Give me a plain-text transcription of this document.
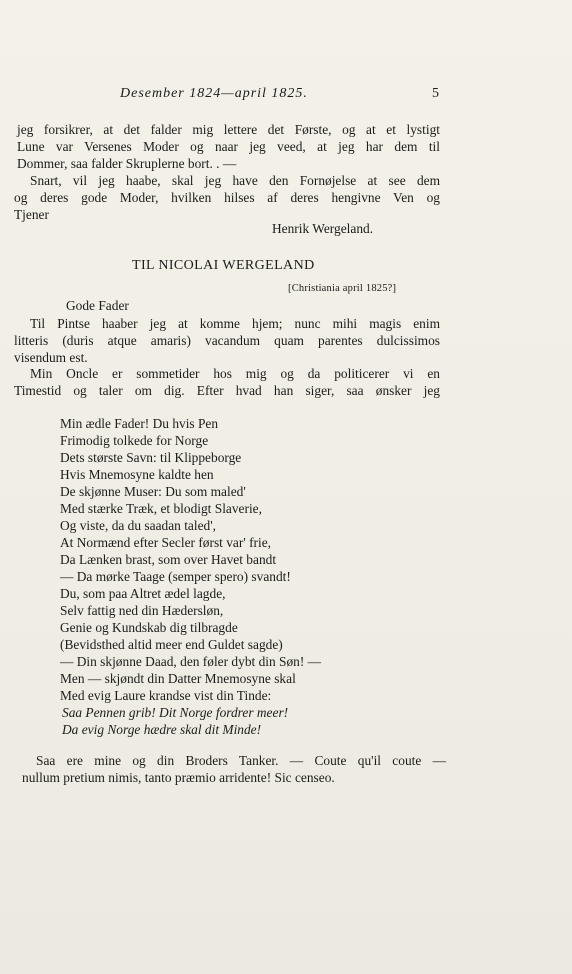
Desember 1824—april 1825.	5
jeg forsikrer, at det falder mig lettere det Første, og at et lystigt
Lune var Versenes Moder og naar jeg veed, at jeg har dem til
Dommer, saa falder Skruplerne bort. . —
Snart, vil jeg haabe, skal jeg have den Fornøjelse at see dem
og deres gode Moder, hvilken hilses af deres hengivne Ven og
Tjener
Henrik Wergeland.
TIL NICOLAI WERGELAND
[Christiania april 1825?]
Gode Fader
Til Pintse haaber jeg at komme hjem; nunc mihi magis enim
litteris (duris atque amaris) vacandum quam parentes dulcissimos
visendum est.
Min Oncle er sommetider hos mig og da politicerer vi en
Timestid og taler om dig. Efter hvad han siger, saa ønsker jeg
Min ædle Fader! Du hvis Pen
Frimodig tolkede for Norge
Dets største Savn: til Klippeborge
Hvis Mnemosyne kaldte hen
De skjønne Muser: Du som maled'
Med stærke Træk, et blodigt Slaverie,
Og viste, da du saadan taled',
At Normænd efter Secler først var' frie,
Da Lænken brast, som over Havet bandt
— Da mørke Taage (semper spero) svandt!
Du, som paa Altret ædel lagde,
Selv fattig ned din Hædersløn,
Genie og Kundskab dig tilbragde
(Bevidsthed altid meer end Guldet sagde)
— Din skjønne Daad, den føler dybt din Søn! —
Men — skjøndt din Datter Mnemosyne skal
Med evig Laure krandse vist din Tinde:
Saa Pennen grib! Dit Norge fordrer meer!
Da evig Norge hædre skal dit Minde!
Saa ere mine og din Broders Tanker. — Coute qu'il coute —
nullum pretium nimis, tanto præmio arridente! Sic censeo.
